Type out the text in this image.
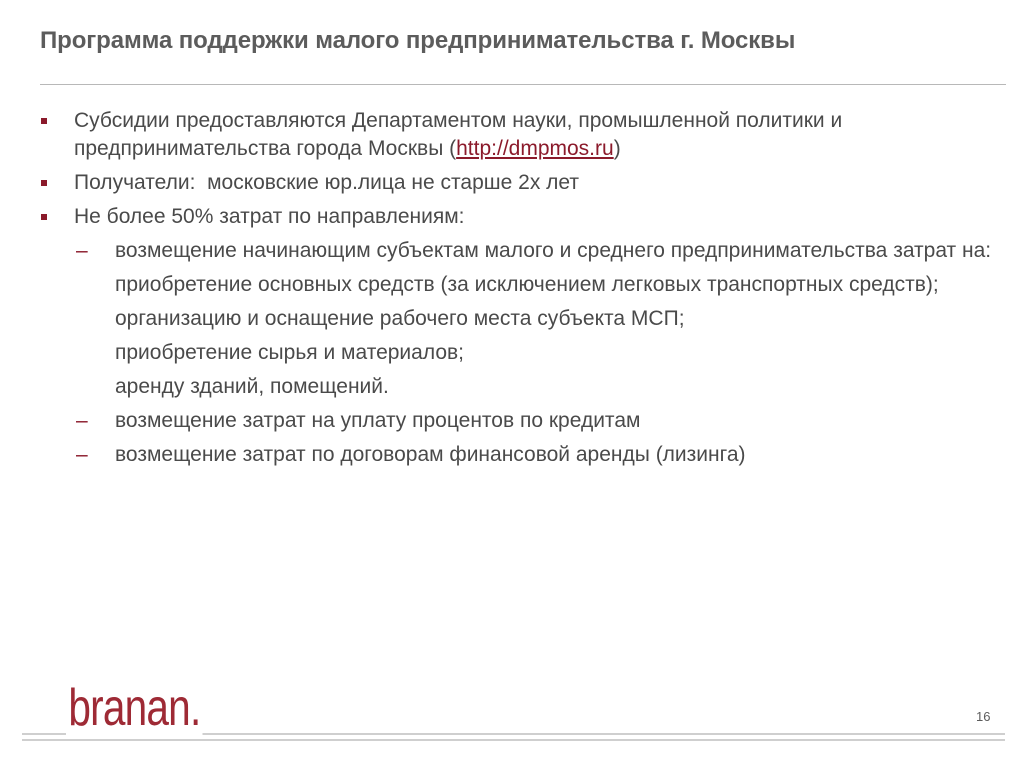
Программа поддержки малого предпринимательства г. Москвы
Субсидии предоставляются Департаментом науки, промышленной политики и предпринимательства города Москвы (http://dmpmos.ru)
Получатели:  московские юр.лица не старше 2х лет
Не более 50% затрат по направлениям:
– возмещение начинающим субъектам малого и среднего предпринимательства затрат на:
приобретение основных средств (за исключением легковых транспортных средств);
организацию и оснащение рабочего места субъекта МСП;
приобретение сырья и материалов;
аренду зданий, помещений.
– возмещение затрат на уплату процентов по кредитам
– возмещение затрат по договорам финансовой аренды (лизинга)
branan.	16
